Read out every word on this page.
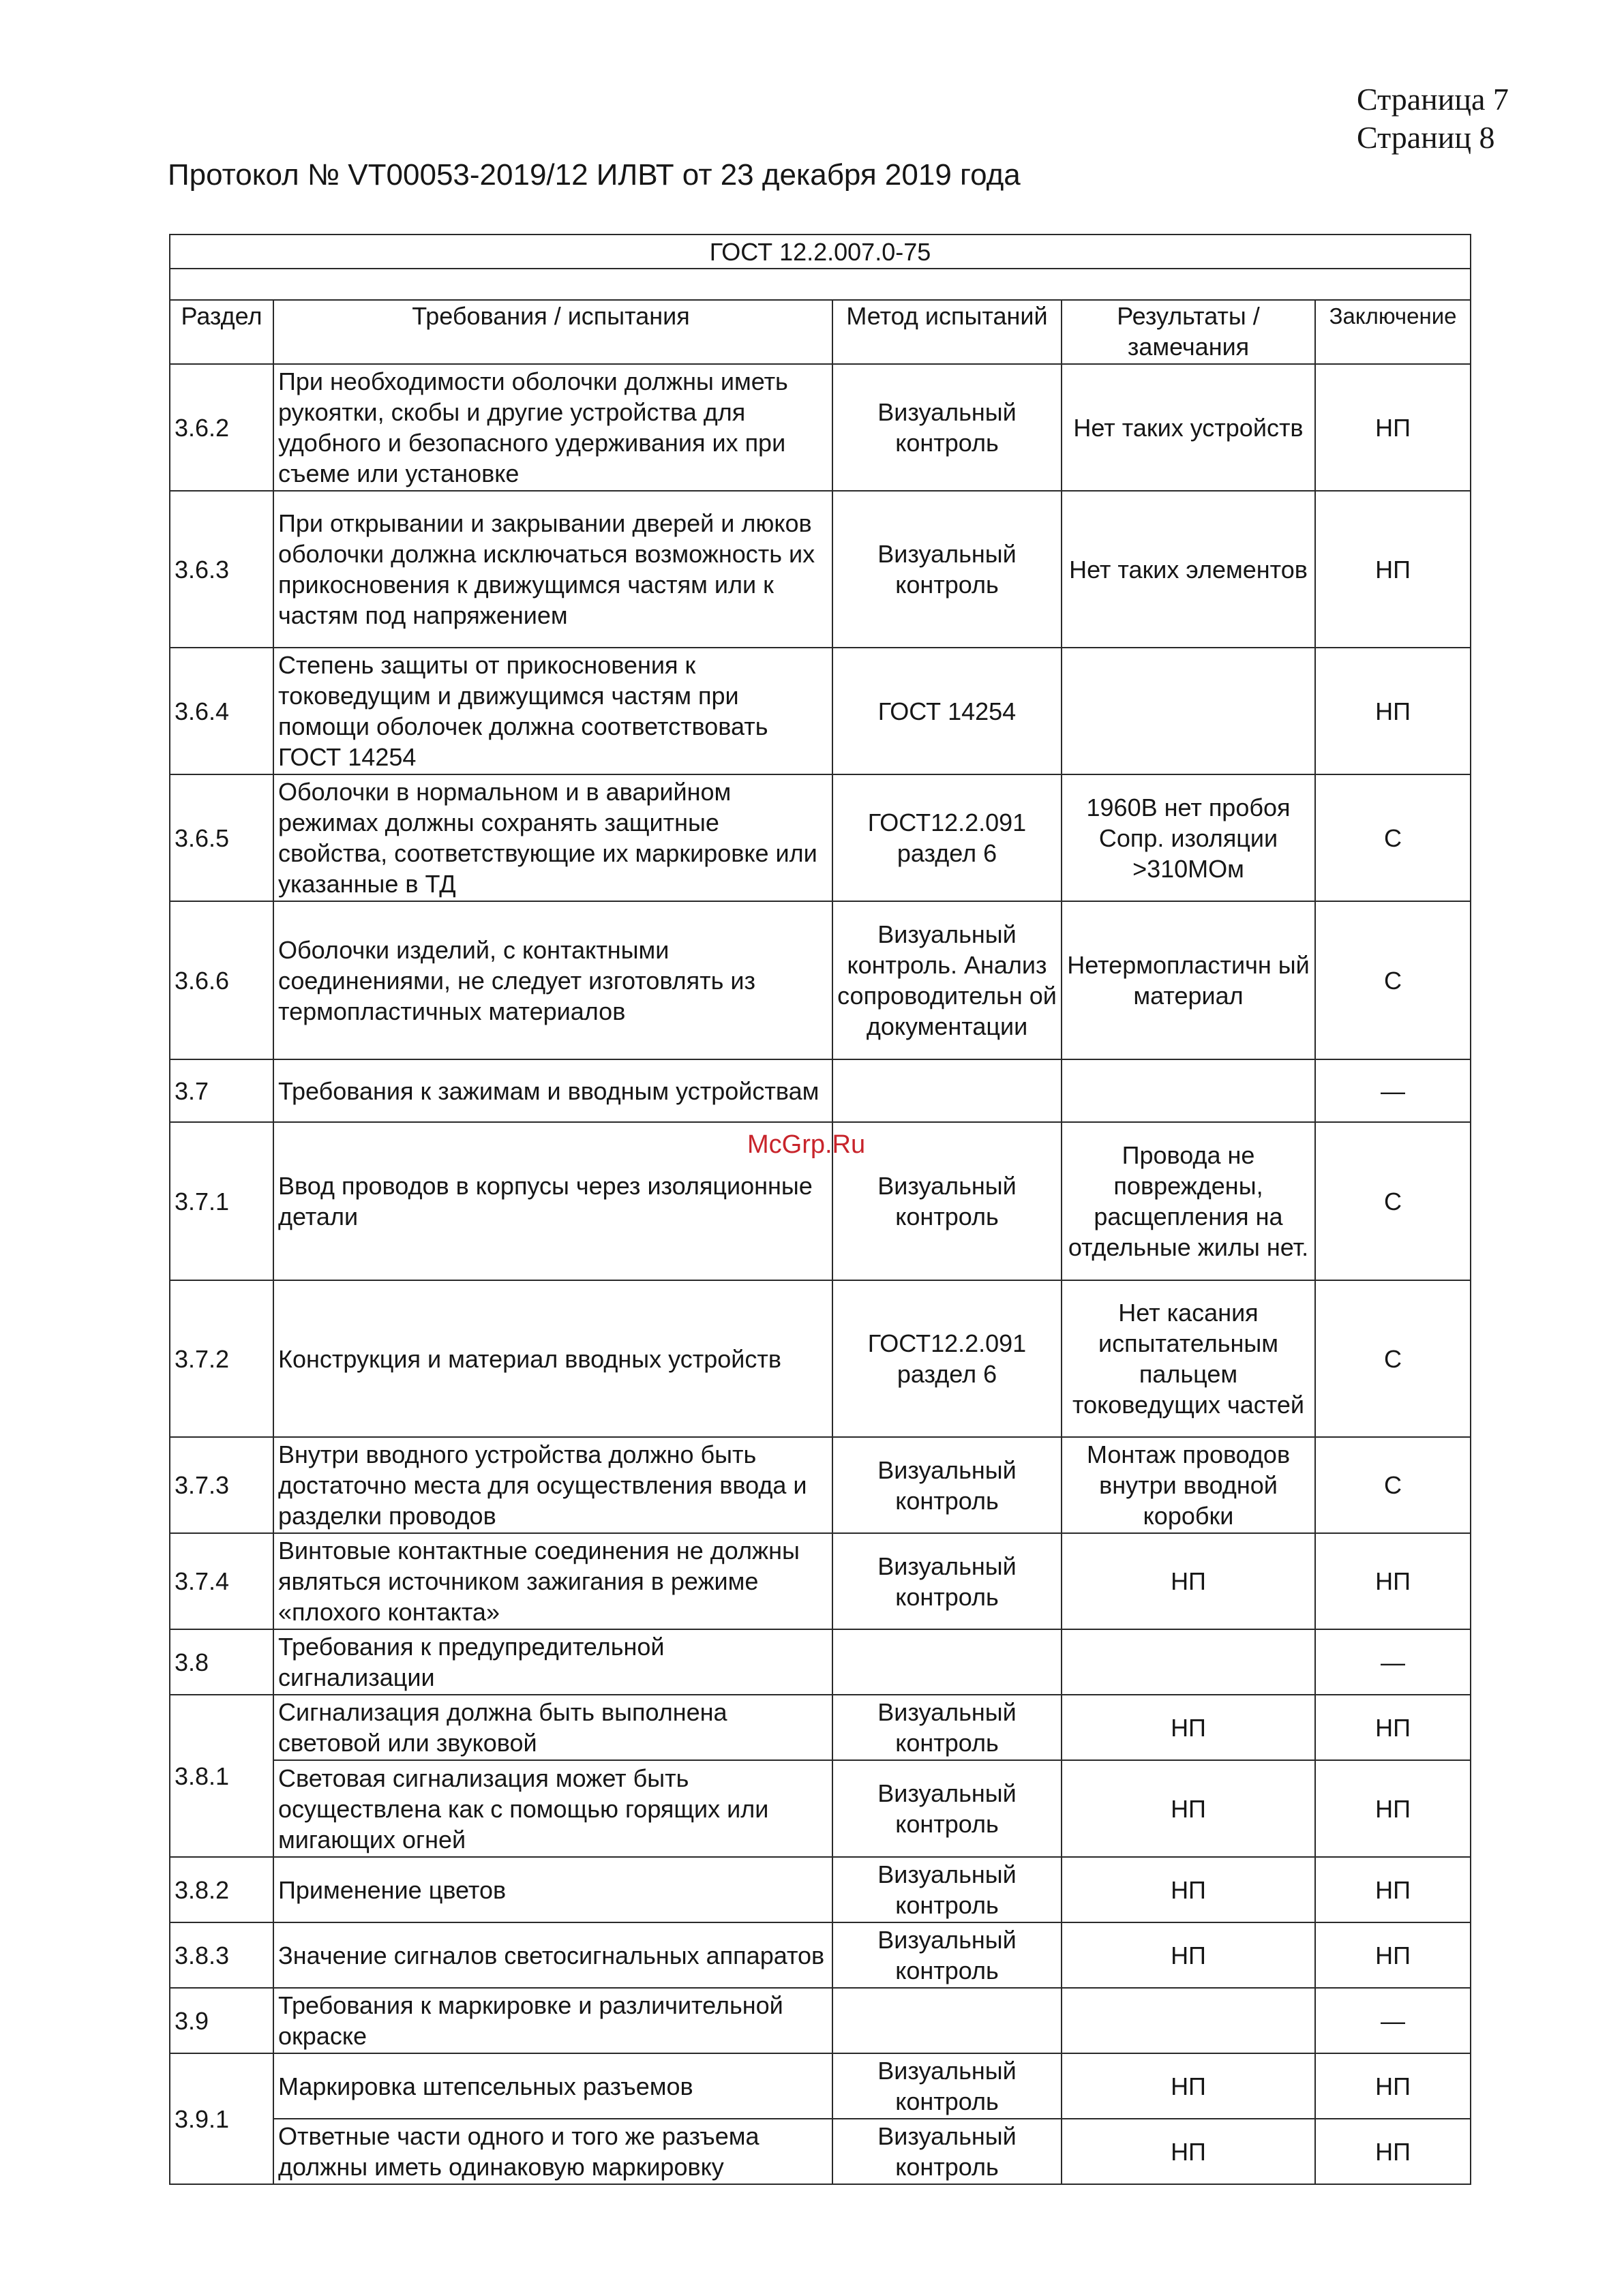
Страница 7
Страниц 8
Протокол № VT00053-2019/12 ИЛВТ от 23 декабря 2019 года
ГОСТ 12.2.007.0-75				

Раздел	Требования / испытания	Метод испытаний	Результаты / замечания	Заключение
3.6.2	При необходимости оболочки должны иметь рукоятки, скобы и другие устройства для удобного и безопасного удерживания их при съеме или установке	Визуальный контроль	Нет таких устройств	НП
3.6.3	При открывании и закрывании дверей и люков оболочки должна исключаться возможность их прикосновения к движущимся частям или к частям под напряжением	Визуальный контроль	Нет таких элементов	НП
3.6.4	Степень защиты от прикосновения к токоведущим и движущимся частям при помощи оболочек должна соответствовать ГОСТ 14254	ГОСТ 14254		НП
3.6.5	Оболочки в нормальном и в аварийном режимах должны сохранять защитные свойства, соответствующие их маркировке или указанные в ТД	ГОСТ12.2.091 раздел 6	1960В нет пробоя Сопр. изоляции >310МОм	С
3.6.6	Оболочки изделий, с контактными соединениями, не следует изготовлять из термопластичных материалов	Визуальный контроль. Анализ сопроводительн ой документации	Нетермопластичн ый материал	С
3.7	Требования к зажимам и вводным устройствам			—
3.7.1	Ввод проводов в корпусы через изоляционные детали	Визуальный контроль	Провода не повреждены, расщепления на отдельные жилы нет.	С
3.7.2	Конструкция и материал вводных устройств	ГОСТ12.2.091 раздел 6	Нет касания испытательным пальцем токоведущих частей	С
3.7.3	Внутри вводного устройства должно быть достаточно места для осуществления ввода и разделки проводов	Визуальный контроль	Монтаж проводов внутри вводной коробки	С
3.7.4	Винтовые контактные соединения не должны являться источником зажигания в режиме «плохого контакта»	Визуальный контроль	НП	НП
3.8	Требования к предупредительной сигнализации			—
3.8.1	Сигнализация должна быть выполнена световой или звуковой	Визуальный контроль	НП	НП
	Световая сигнализация может быть осуществлена как с помощью горящих или мигающих огней	Визуальный контроль	НП	НП
3.8.2	Применение цветов	Визуальный контроль	НП	НП
3.8.3	Значение сигналов светосигнальных аппаратов	Визуальный контроль	НП	НП
3.9	Требования к маркировке и различительной окраске			—
3.9.1	Маркировка штепсельных разъемов	Визуальный контроль	НП	НП
	Ответные части одного и того же разъема должны иметь одинаковую маркировку	Визуальный контроль	НП	НП
McGrp.Ru
